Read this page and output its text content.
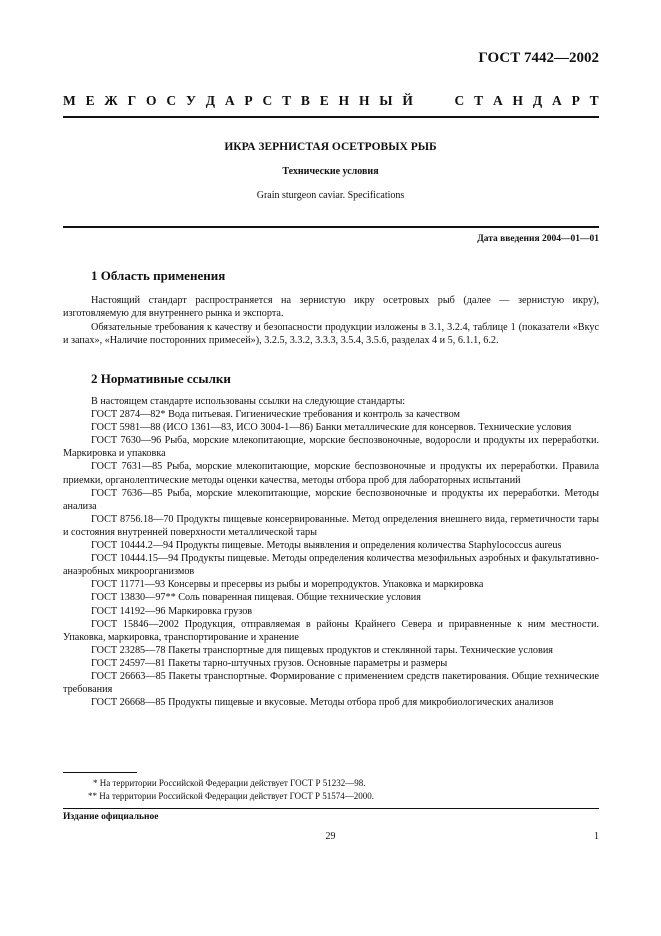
ГОСТ 7442—2002
М Е Ж Г О С У Д А Р С Т В Е Н Н Ы Й	С Т А Н Д А Р Т
ИКРА ЗЕРНИСТАЯ ОСЕТРОВЫХ РЫБ
Технические условия
Grain sturgeon caviar. Specifications
Дата введения 2004—01—01
1 Область применения

Настоящий стандарт распространяется на зернистую икру осетровых рыб (далее — зернистую икру), изготовляемую для внутреннего рынка и экспорта.

Обязательные требования к качеству и безопасности продукции изложены в 3.1, 3.2.4, таблице 1 (показатели «Вкус и запах», «Наличие посторонних примесей»), 3.2.5, 3.3.2, 3.3.3, 3.5.4, 3.5.6, разделах 4 и 5, 6.1.1, 6.2.

2 Нормативные ссылки

В настоящем стандарте использованы ссылки на следующие стандарты:

ГОСТ 2874—82* Вода питьевая. Гигиенические требования и контроль за качеством

ГОСТ 5981—88 (ИСО 1361—83, ИСО 3004-1—86) Банки металлические для консервов. Технические условия

ГОСТ 7630—96 Рыба, морские млекопитающие, морские беспозвоночные, водоросли и продукты их переработки. Маркировка и упаковка

ГОСТ 7631—85 Рыба, морские млекопитающие, морские беспозвоночные и продукты их переработки. Правила приемки, органолептические методы оценки качества, методы отбора проб для лабораторных испытаний

ГОСТ 7636—85 Рыба, морские млекопитающие, морские беспозвоночные и продукты их переработки. Методы анализа

ГОСТ 8756.18—70 Продукты пищевые консервированные. Метод определения внешнего вида, герметичности тары и состояния внутренней поверхности металлической тары

ГОСТ 10444.2—94 Продукты пищевые. Методы выявления и определения количества Staphylococcus aureus

ГОСТ 10444.15—94 Продукты пищевые. Методы определения количества мезофильных аэробных и факультативно-анаэробных микроорганизмов

ГОСТ 11771—93 Консервы и пресервы из рыбы и морепродуктов. Упаковка и маркировка

ГОСТ 13830—97** Соль поваренная пищевая. Общие технические условия

ГОСТ 14192—96 Маркировка грузов

ГОСТ 15846—2002 Продукция, отправляемая в районы Крайнего Севера и приравненные к ним местности. Упаковка, маркировка, транспортирование и хранение

ГОСТ 23285—78 Пакеты транспортные для пищевых продуктов и стеклянной тары. Технические условия

ГОСТ 24597—81 Пакеты тарно-штучных грузов. Основные параметры и размеры

ГОСТ 26663—85 Пакеты транспортные. Формирование с применением средств пакетирования. Общие технические требования

ГОСТ 26668—85 Продукты пищевые и вкусовые. Методы отбора проб для микробиологических анализов

* На территории Российской Федерации действует ГОСТ Р 51232—98.

** На территории Российской Федерации действует ГОСТ Р 51574—2000.

Издание официальное
29	1
